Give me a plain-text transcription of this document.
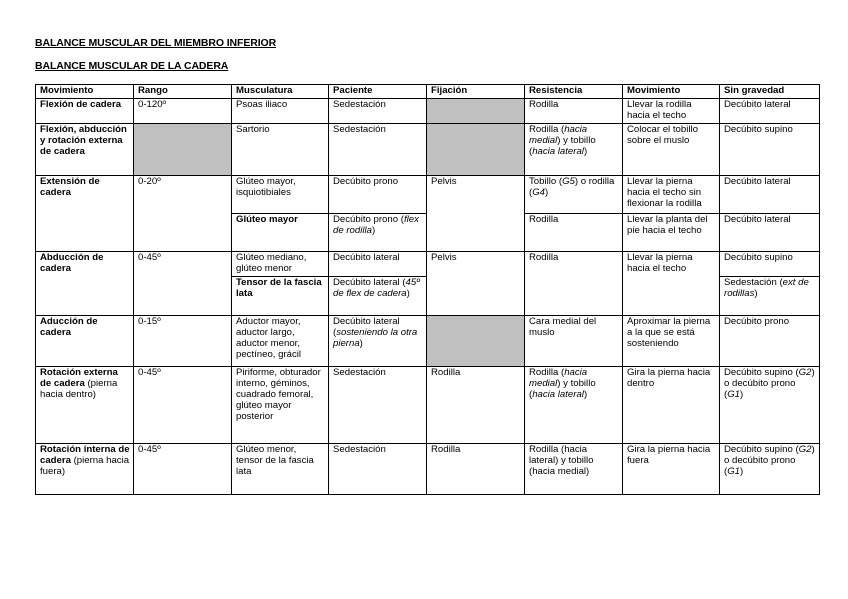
BALANCE MUSCULAR DEL MIEMBRO INFERIOR

BALANCE MUSCULAR DE LA CADERA

Movimiento	Rango	Musculatura	Paciente	Fijación	Resistencia	Movimiento	Sin gravedad
Flexión de cadera	0-120º	Psoas iliaco	Sedestación		Rodilla	Llevar la rodilla hacia el techo	Decúbito lateral
Flexión, abducción y rotación externa de cadera		Sartorio	Sedestación		Rodilla (hacia medial) y tobillo (hacia lateral)	Colocar el tobillo sobre el muslo	Decúbito supino
Extensión de cadera	0-20º	Glúteo mayor, isquiotibiales	Decúbito prono	Pelvis	Tobillo (G5) o rodilla (G4)	Llevar la pierna hacia el techo sin flexionar la rodilla	Decúbito lateral
		Glúteo mayor	Decúbito prono (flex de rodilla)		Rodilla	Llevar la planta del pie hacia el techo	Decúbito lateral
Abducción de cadera	0-45º	Glúteo mediano, glúteo menor	Decúbito lateral	Pelvis	Rodilla	Llevar la pierna hacia el techo	Decúbito supino
		Tensor de la fascia lata	Decúbito lateral (45º de flex de cadera)				Sedestación (ext de rodillas)
Aducción de cadera	0-15º	Aductor mayor, aductor largo, aductor menor, pectíneo, grácil	Decúbito lateral (sosteniendo la otra pierna)		Cara medial del muslo	Aproximar la pierna a la que se está sosteniendo	Decúbito prono
Rotación externa de cadera (pierna hacia dentro)	0-45º	Piriforme, obturador interno, géminos, cuadrado femoral, glúteo mayor posterior	Sedestación	Rodilla	Rodilla (hacia medial) y tobillo (hacia lateral)	Gira la pierna hacia dentro	Decúbito supino (G2) o decúbito prono (G1)
Rotación interna de cadera (pierna hacia fuera)	0-45º	Glúteo menor, tensor de la fascia lata	Sedestación	Rodilla	Rodilla (hacia lateral) y tobillo (hacia medial)	Gira la pierna hacia fuera	Decúbito supino (G2) o decúbito prono (G1)
